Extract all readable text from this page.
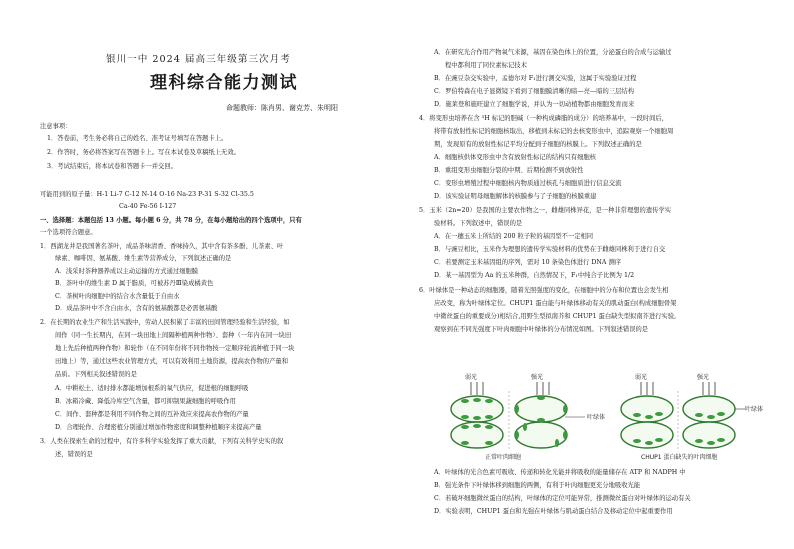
银川一中 2024 届高三年级第三次月考
理科综合能力测试
命题教师：陈肖男、谢克芳、朱明阳
注意事项：
1．答卷前，考生务必将自己的姓名、准考证号填写在答题卡上。
2．作答时，务必将答案写在答题卡上。写在本试卷及草稿纸上无效。
3．考试结束后，将本试卷和答题卡一并交回。
可能用到的原子量：H-1 Li-7 C-12 N-14 O-16 Na-23 P-31 S-32 Cl-35.5
Ca-40 Fe-56 I-127
一、选择题：本题包括 13 小题。每小题 6 分，共 78 分，在每小题给出的四个选项中，只有
一个选项符合题意。
1．西湖龙井是我国著名茶叶，成品茶味清香、香味持久，其中含有茶多酚、儿茶素、叶
绿素、咖啡因、氨基酸、维生素等营养成分，下列叙述正确的是
A．浅采时茶种器养成以主动运输的方式通过细胞膜
B．茶叶中的维生素 D 属于脂质，可被苏丹Ⅲ染成橘黄色
C．茶树叶肉细胞中的结合水含量低于自由水
D．成品茶叶中不含自由水，含有的氨基酸都是必需氨基酸
2．在长期的农业生产和生活实践中，劳动人民积累了丰富的田间管理经验和生活经验，如
间作（同一生长期内，在同一块田地上间隔种植两种作物）、套种（一年内在同一块田
地上先后种植两种作物）和轮作（在不同年份将不同作物按一定顺序轮流种植于同一块
田地上）等，通过这些农业管理方式，可以有效利用土地资源，提高农作物的产量和
品质。下列相关叙述错误的是
A．中耕松土、适时排水都能增加根系的氧气供应，促进根的细胞呼吸
B．冰箱冷藏、降低冷库空气含量，都可抑制果蔬细胞的呼吸作用
C．间作、套种都是利用不同作物之间的互补效应来提高农作物的产量
D．合理轮作、合理密植分别通过增加作物密度和调整种植顺序来提高产量
3．人类在探索生命的过程中，有许多科学实验发挥了重大贡献，下列有关科学史实的叙
述，错误的是
A．在研究光合作用产物氧气来源，基因在染色体上的位置，分泌蛋白的合成与运输过
程中都利用了同位素标记技术
B．在豌豆杂交实验中，孟德尔对 F₁进行测交实验，这属于实验验证过程
C．罗伯特森在电子显微镜下看到了细胞膜清晰的暗—亮—暗的三层结构
D．施莱登和施旺建立了细胞学说，并认为一切动植物都由细胞发育而来
4．将变形虫培养在含 ³H 标记的胆碱（一种构成磷脂的成分）的培养基中，一段时间后，
将带有放射性标记的细胞核取出，移植到未标记的去核变形虫中，追踪观察一个细胞周
期，发现原有的放射性标记平均分配到子细胞的核膜上。下列叙述正确的是
A．细胞核供体变形虫中含有放射性标记的结构只有细胞核
B．重组变形虫细胞分裂的中期、后期检测不到放射性
C．变形虫增殖过程中细胞核内物质通过核孔与细胞质进行信息交流
D．该实验证明母细胞解体的核膜参与了子细胞的核膜重建
5．玉米（2n=20）是我国的主要农作物之一，雌雄同株异花，是一种非常理想的遗传学实
验材料。下列叙述中，错误的是
A．在一穗玉米上所结的 200 粒子粒的基因型不一定相同
B．与豌豆相比，玉米作为理想的遗传学实验材料的优势在于雌雄同株利于进行自交
C．若要测定玉米基因组的序列，需对 10 条染色体进行 DNA 测序
D．某一基因型为 Aa 的玉米种群，自然情况下，F₁中纯合子比例为 1/2
6．叶绿体是一种动态的细胞器，随着光照强度的变化，在细胞中的分布和位置也会发生相
应改变，称为叶绿体定位。CHUP1 蛋白能与叶绿体移动有关的肌动蛋白(构成细胞骨架
中微丝蛋白的重要成分)相结合,用野生型拟南芥和 CHUP1 蛋白缺失型拟南芥进行实验,
观察到在不同光强度下叶肉细胞中叶绿体的分布情况如图。下列叙述错误的是
弱光	强光	弱光	强光
叶绿体
叶绿体
正常叶肉细胞	CHUP1 蛋白缺失的叶肉细胞
A．叶绿体的光合色素可吸收、传递和转化光能并将吸收的能量储存在 ATP 和 NADPH 中
B．强光条件下叶绿体移到细胞的两侧，有利于叶肉细胞更充分地吸收光能
C．若破坏细胞微丝蛋白的结构，叶绿体的定位可能异常，推测微丝蛋白对叶绿体的运动有关
D．实验表明，CHUP1 蛋白和光强在叶绿体与肌动蛋白结合及移动定位中起重要作用
